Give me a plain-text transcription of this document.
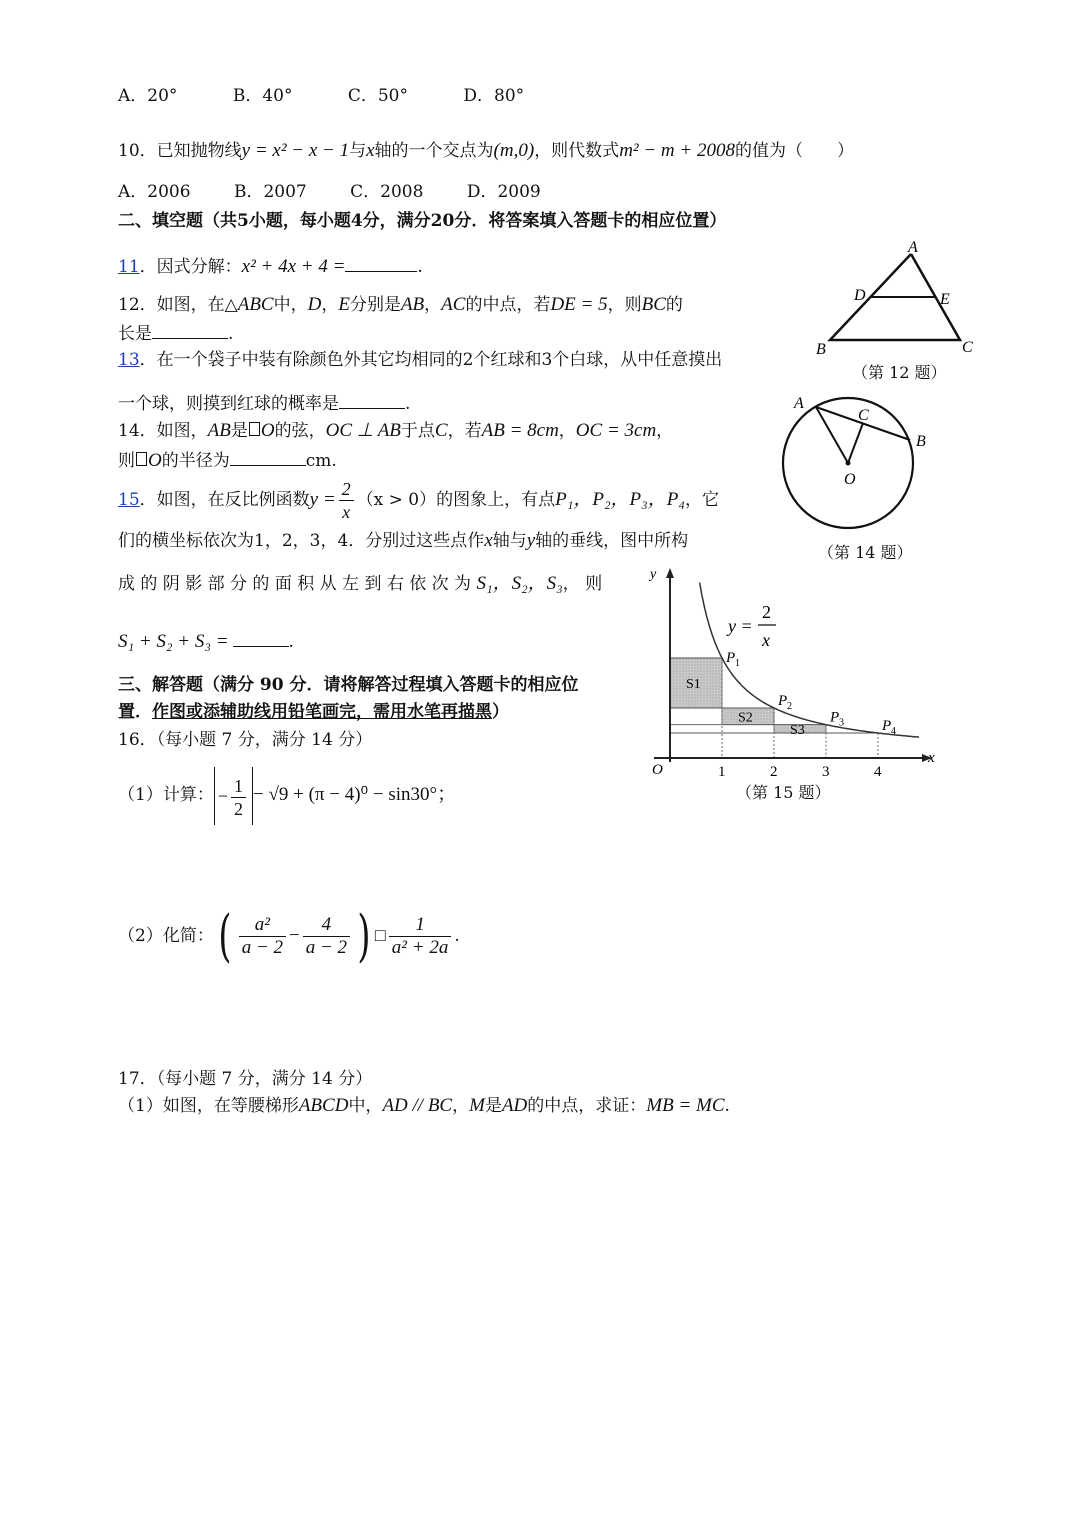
A．20°	B．40°	C．50°	D．80°
10．已知抛物线y = x² − x − 1与x轴的一个交点为(m,0)，则代数式m² − m + 2008的值为（　　）
A．2006	B．2007	C．2008	D．2009
二、填空题（共5小题，每小题4分，满分20分．将答案填入答题卡的相应位置）
11．因式分解：x² + 4x + 4 =	.
12．如图，在△ABC中，D，E分别是AB，AC的中点，若DE = 5，则BC的
长是	.
13．在一个袋子中装有除颜色外其它均相同的2个红球和3个白球，从中任意摸出
一个球，则摸到红球的概率是	.
14．如图，AB是 O的弦，OC ⊥ AB于点C，若AB = 8cm，OC = 3cm，
则 O的半径为	cm.
15．如图，在反比例函数$y = \frac{2}{x} (x > 0)$的图象上，有点P₁，P₂，P₃，P₄，它
们的横坐标依次为1，2，3，4．分别过这些点作x轴与y轴的垂线，图中所构
成 的 阴 影 部 分 的 面 积 从 左 到 右 依 次 为 S₁，S₂，S₃， 则
S₁ + S₂ + S₃ =	.
三、解答题（满分 90 分．请将解答过程填入答题卡的相应位
置．作图或添辅助线用铅笔画完，需用水笔再描黑）
16．（每小题 7 分，满分 14 分）
（1）计算： − $\frac{1}{2} - √9 + (\pi - 4)^0 - \sin 30^\circ$；
（2）化简：( $\frac{\text{a²}}{a - 2} - \frac{4}{a - 2}$ ) □ $\frac{1}{\text{a² + 2a}}$ .
17．（每小题 7 分，满分 14 分）
（1）如图，在等腰梯形ABCD中，AD // BC，M是AD的中点，求证：MB = MC.
A
B	C
D	E
（第 12 题）
A
B
C
O
（第 14 题）
y
x
O	1	2	3	4
S1
S2
S3
P 1
P 2
P 3	P 4
y =
2
x
（第 15 题）
